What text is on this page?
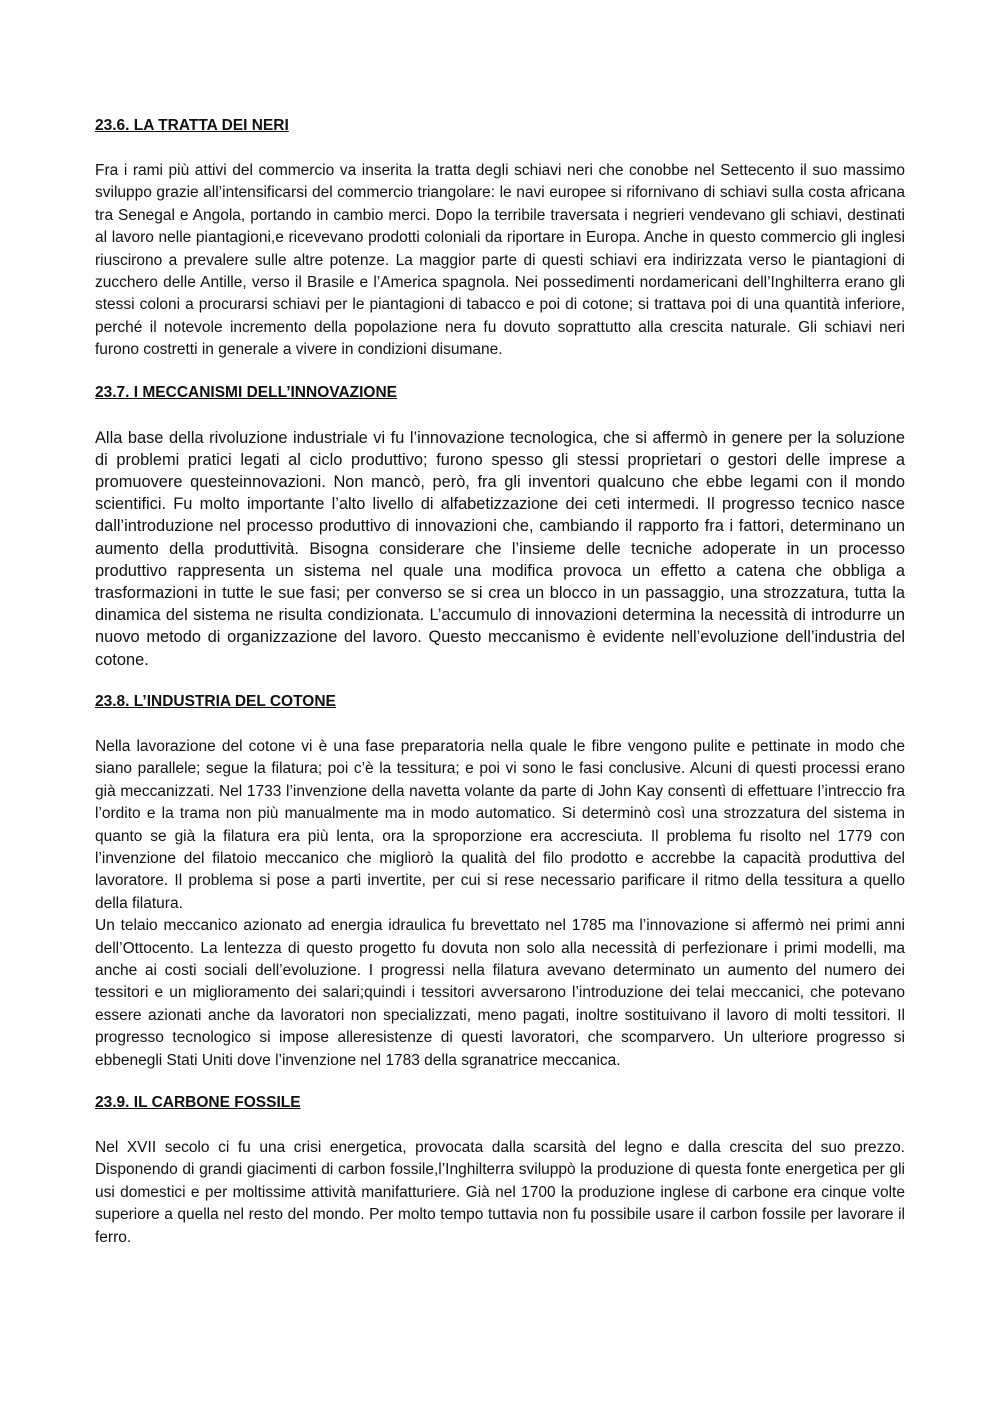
23.6. LA TRATTA DEI NERI

Fra i rami più attivi del commercio va inserita la tratta degli schiavi neri che conobbe nel Settecento il suo massimo sviluppo grazie all’intensificarsi del commercio triangolare: le navi europee si rifornivano di schiavi sulla costa africana tra Senegal e Angola, portando in cambio merci. Dopo la terribile traversata i negrieri vendevano gli schiavi, destinati al lavoro nelle piantagioni,e ricevevano prodotti coloniali da riportare in Europa. Anche in questo commercio gli inglesi riuscirono a prevalere sulle altre potenze. La maggior parte di questi schiavi era indirizzata verso le piantagioni di zucchero delle Antille, verso il Brasile e l’America spagnola. Nei possedimenti nordamericani dell’Inghilterra erano gli stessi coloni a procurarsi schiavi per le piantagioni di tabacco e poi di cotone; si trattava poi di una quantità inferiore, perché il notevole incremento della popolazione nera fu dovuto soprattutto alla crescita naturale. Gli schiavi neri furono costretti in generale a vivere in condizioni disumane.

23.7. I MECCANISMI DELL’INNOVAZIONE

Alla base della rivoluzione industriale vi fu l’innovazione tecnologica, che si affermò in genere per la soluzione di problemi pratici legati al ciclo produttivo; furono spesso gli stessi proprietari o gestori delle imprese a promuovere questeinnovazioni. Non mancò, però, fra gli inventori qualcuno che ebbe legami con il mondo scientifici. Fu molto importante l’alto livello di alfabetizzazione dei ceti intermedi. Il progresso tecnico nasce dall’introduzione nel processo produttivo di innovazioni che, cambiando il rapporto fra i fattori, determinano un aumento della produttività. Bisogna considerare che l’insieme delle tecniche adoperate in un processo produttivo rappresenta un sistema nel quale una modifica provoca un effetto a catena che obbliga a trasformazioni in tutte le sue fasi; per converso se si crea un blocco in un passaggio, una strozzatura, tutta la dinamica del sistema ne risulta condizionata. L’accumulo di innovazioni determina la necessità di introdurre un nuovo metodo di organizzazione del lavoro. Questo meccanismo è evidente nell’evoluzione dell’industria del cotone.

23.8. L’INDUSTRIA DEL COTONE

Nella lavorazione del cotone vi è una fase preparatoria nella quale le fibre vengono pulite e pettinate in modo che siano parallele; segue la filatura; poi c’è la tessitura; e poi vi sono le fasi conclusive. Alcuni di questi processi erano già meccanizzati. Nel 1733 l’invenzione della navetta volante da parte di John Kay consentì di effettuare l’intreccio fra l’ordito e la trama non più manualmente ma in modo automatico. Si determinò così una strozzatura del sistema in quanto se già la filatura era più lenta, ora la sproporzione era accresciuta. Il problema fu risolto nel 1779 con l’invenzione del filatoio meccanico che migliorò la qualità del filo prodotto e accrebbe la capacità produttiva del lavoratore. Il problema si pose a parti invertite, per cui si rese necessario parificare il ritmo della tessitura a quello della filatura.

Un telaio meccanico azionato ad energia idraulica fu brevettato nel 1785 ma l’innovazione si affermò nei primi anni dell’Ottocento. La lentezza di questo progetto fu dovuta non solo alla necessità di perfezionare i primi modelli, ma anche ai costi sociali dell’evoluzione. I progressi nella filatura avevano determinato un aumento del numero dei tessitori e un miglioramento dei salari;quindi i tessitori avversarono l’introduzione dei telai meccanici, che potevano essere azionati anche da lavoratori non specializzati, meno pagati, inoltre sostituivano il lavoro di molti tessitori. Il progresso tecnologico si impose alleresistenze di questi lavoratori, che scomparvero. Un ulteriore progresso si ebbenegli Stati Uniti dove l’invenzione nel 1783 della sgranatrice meccanica.

23.9. IL CARBONE FOSSILE

Nel XVII secolo ci fu una crisi energetica, provocata dalla scarsità del legno e dalla crescita del suo prezzo. Disponendo di grandi giacimenti di carbon fossile,l’Inghilterra sviluppò la produzione di questa fonte energetica per gli usi domestici e per moltissime attività manifatturiere. Già nel 1700 la produzione inglese di carbone era cinque volte superiore a quella nel resto del mondo. Per molto tempo tuttavia non fu possibile usare il carbon fossile per lavorare il ferro.
